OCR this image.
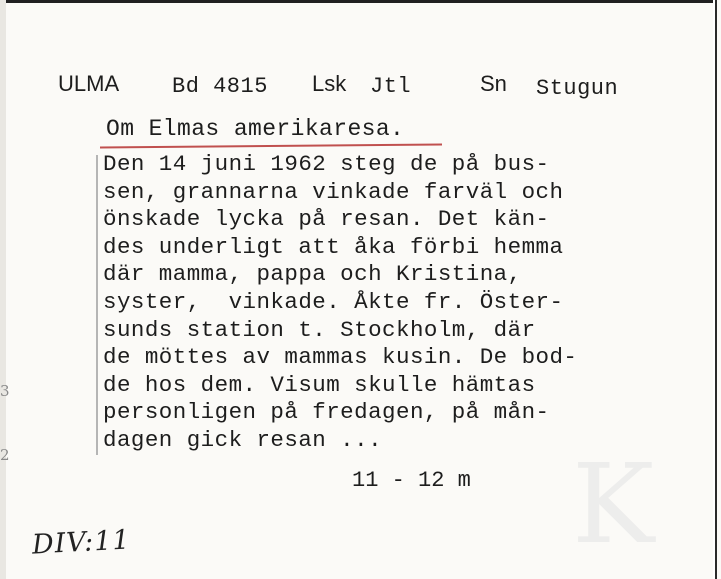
K
ULMA Bd 4815 Lsk Jtl	Sn Stugun
Om Elmas amerikaresa.
Den 14 juni 1962 steg de på bus-
sen, grannarna vinkade farväl och
önskade lycka på resan. Det kän-
des underligt att åka förbi hemma
där mamma, pappa och Kristina,
syster,  vinkade. Åkte fr. Öster-
sunds station t. Stockholm, där
de möttes av mammas kusin. De bod-
de hos dem. Visum skulle hämtas
personligen på fredagen, på mån-
dagen gick resan ...
11 - 12 m
DIV:11
3
2
